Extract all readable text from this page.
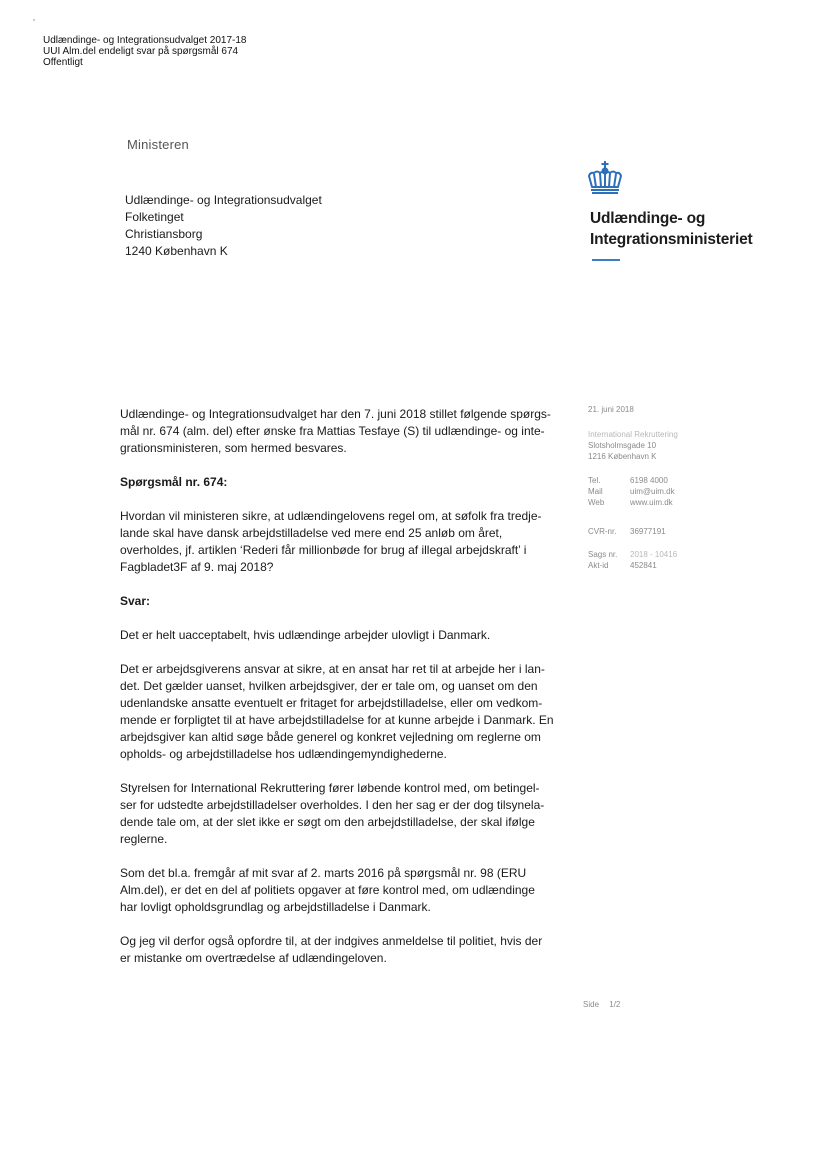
ʼ
Udlændinge- og Integrationsudvalget 2017-18
UUI Alm.del endeligt svar på spørgsmål 674
Offentligt
Ministeren
Udlændinge- og Integrationsudvalget
Folketinget
Christiansborg
1240 København K
Udlændinge- og
Integrationsministeriet
21. juni 2018
International Rekruttering
Slotsholmsgade 10
1216 København K
Tel.	6198 4000
Mail	uim@uim.dk
Web	www.uim.dk
CVR-nr.	36977191
Sags nr.	2018 - 10416
Akt-id	452841

Udlændinge- og Integrationsudvalget har den 7. juni 2018 stillet følgende spørgs-
mål nr. 674 (alm. del) efter ønske fra Mattias Tesfaye (S) til udlændinge- og inte-
grationsministeren, som hermed besvares.

Spørgsmål nr. 674:

Hvordan vil ministeren sikre, at udlændingelovens regel om, at søfolk fra tredje-
lande skal have dansk arbejdstilladelse ved mere end 25 anløb om året,
overholdes, jf. artiklen ‘Rederi får millionbøde for brug af illegal arbejdskraft’ i
Fagbladet3F af 9. maj 2018?

Svar:

Det er helt uacceptabelt, hvis udlændinge arbejder ulovligt i Danmark.

Det er arbejdsgiverens ansvar at sikre, at en ansat har ret til at arbejde her i lan-
det. Det gælder uanset, hvilken arbejdsgiver, der er tale om, og uanset om den
udenlandske ansatte eventuelt er fritaget for arbejdstilladelse, eller om vedkom-
mende er forpligtet til at have arbejdstilladelse for at kunne arbejde i Danmark. En
arbejdsgiver kan altid søge både generel og konkret vejledning om reglerne om
opholds- og arbejdstilladelse hos udlændingemyndighederne.

Styrelsen for International Rekruttering fører løbende kontrol med, om betingel-
ser for udstedte arbejdstilladelser overholdes. I den her sag er der dog tilsynela-
dende tale om, at der slet ikke er søgt om den arbejdstilladelse, der skal ifølge
reglerne.

Som det bl.a. fremgår af mit svar af 2. marts 2016 på spørgsmål nr. 98 (ERU
Alm.del), er det en del af politiets opgaver at føre kontrol med, om udlændinge
har lovligt opholdsgrundlag og arbejdstilladelse i Danmark.

Og jeg vil derfor også opfordre til, at der indgives anmeldelse til politiet, hvis der
er mistanke om overtrædelse af udlændingeloven.

Side 1/2
